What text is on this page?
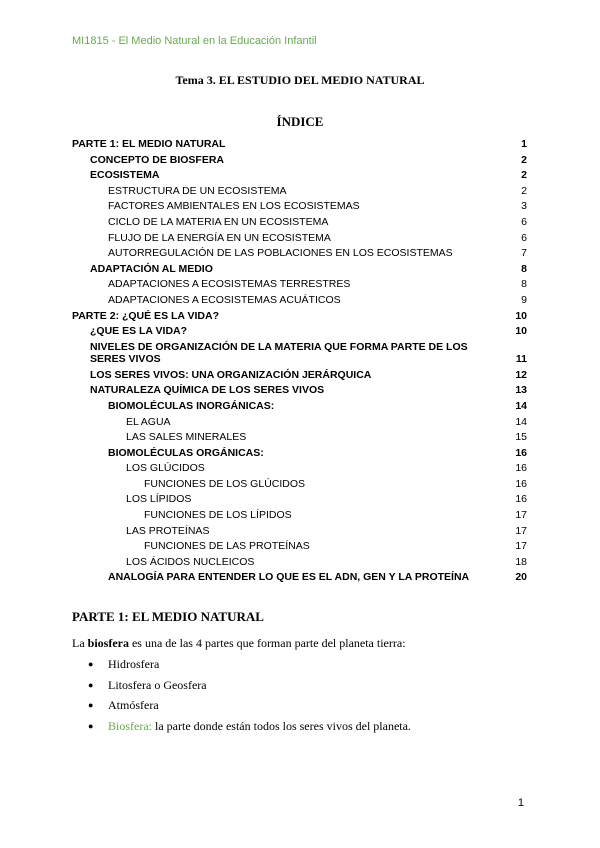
MI1815 - El Medio Natural en la Educación Infantil
Tema 3. EL ESTUDIO DEL MEDIO NATURAL
ÍNDICE
PARTE 1: EL MEDIO NATURAL	1
CONCEPTO DE BIOSFERA	2
ECOSISTEMA	2
ESTRUCTURA DE UN ECOSISTEMA	2
FACTORES AMBIENTALES EN LOS ECOSISTEMAS	3
CICLO DE LA MATERIA EN UN ECOSISTEMA	6
FLUJO DE LA ENERGÍA EN UN ECOSISTEMA	6
AUTORREGULACIÓN DE LAS POBLACIONES EN LOS ECOSISTEMAS	7
ADAPTACIÓN AL MEDIO	8
ADAPTACIONES A ECOSISTEMAS TERRESTRES	8
ADAPTACIONES A ECOSISTEMAS ACUÁTICOS	9
PARTE 2: ¿QUÉ ES LA VIDA?	10
¿QUE ES LA VIDA?	10
NIVELES DE ORGANIZACIÓN DE LA MATERIA QUE FORMA PARTE DE LOS SERES VIVOS	11
LOS SERES VIVOS: UNA ORGANIZACIÓN JERÁRQUICA	12
NATURALEZA QUÍMICA DE LOS SERES VIVOS	13
BIOMOLÉCULAS INORGÁNICAS:	14
EL AGUA	14
LAS SALES MINERALES	15
BIOMOLÉCULAS ORGÁNICAS:	16
LOS GLÚCIDOS	16
FUNCIONES DE LOS GLÚCIDOS	16
LOS LÍPIDOS	16
FUNCIONES DE LOS LÍPIDOS	17
LAS PROTEÍNAS	17
FUNCIONES DE LAS PROTEÍNAS	17
LOS ÁCIDOS NUCLEICOS	18
ANALOGÍA PARA ENTENDER LO QUE ES EL ADN, GEN Y LA PROTEÍNA	20
PARTE 1: EL MEDIO NATURAL
La biosfera es una de las 4 partes que forman parte del planeta tierra:
● Hidrosfera
● Litosfera o Geosfera
● Atmósfera
● Biosfera: la parte donde están todos los seres vivos del planeta.
1
